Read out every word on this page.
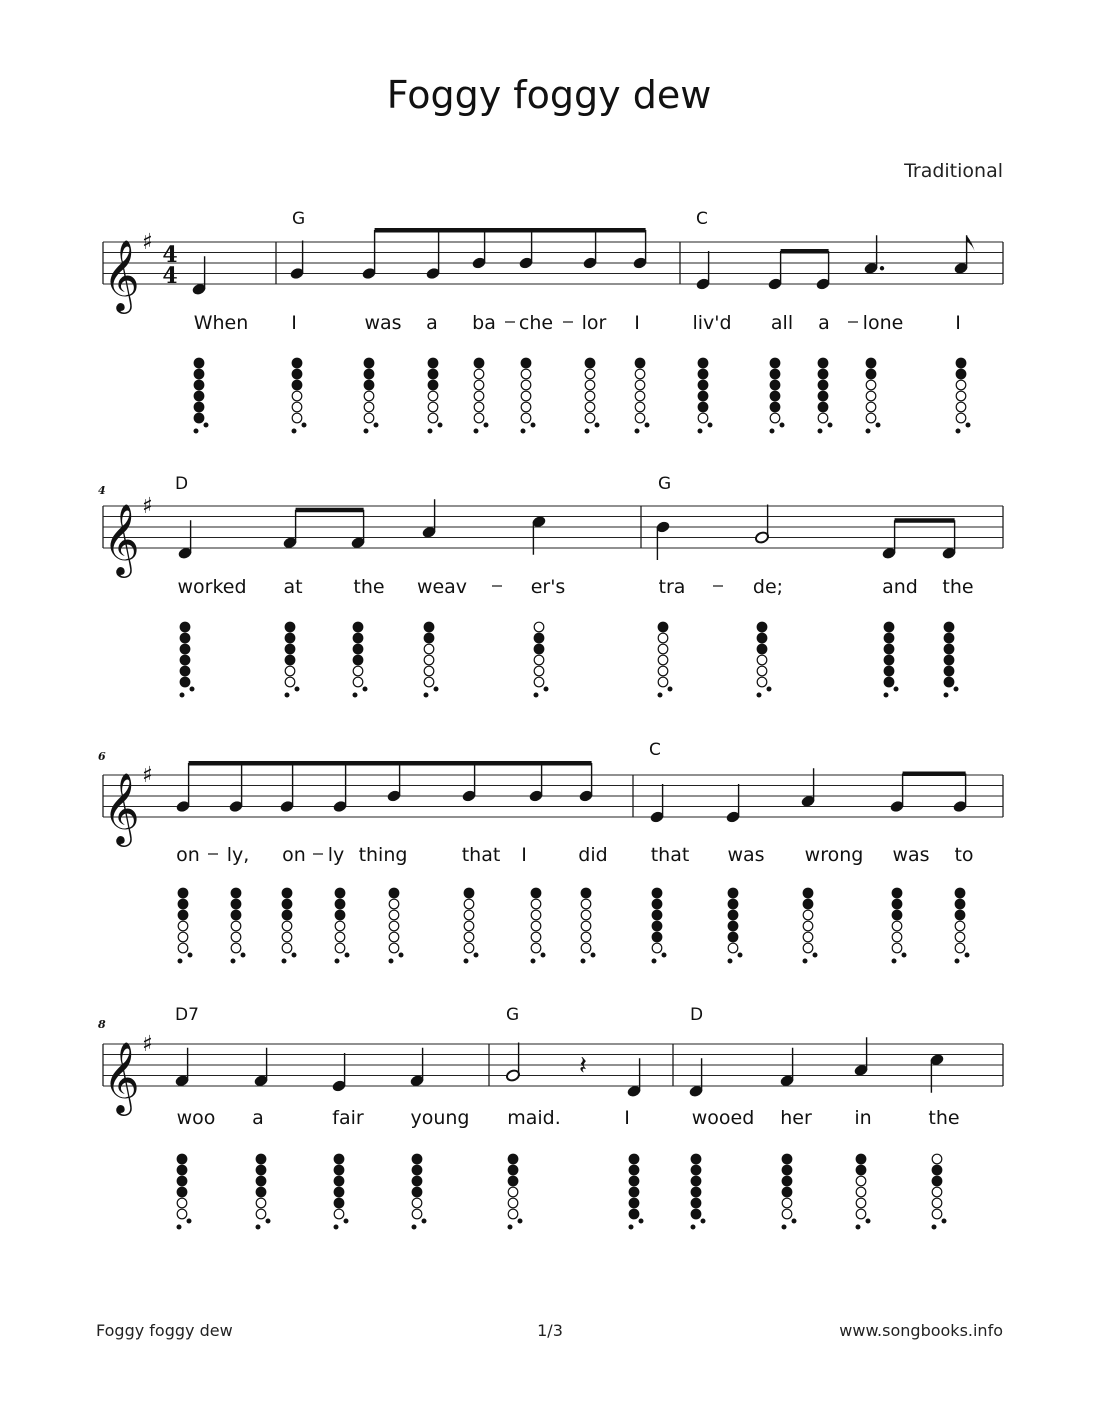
Foggy foggy dew
Traditional
𝄞 ♯ 4
4
G	C
When I	was a ba che lor I	liv'd all a lone	I
𝄞 ♯
4	D	G
worked at	the weav	er's	tra	de;	and the
𝄞 ♯
6	C
on ly, on ly thing	that I	did that was wrong was to
𝄞 ♯
8	D7	G	D
woo a	fair young maid.
𝄽
I	wooed her in	the
Foggy foggy dew	1/3	www.songbooks.info
